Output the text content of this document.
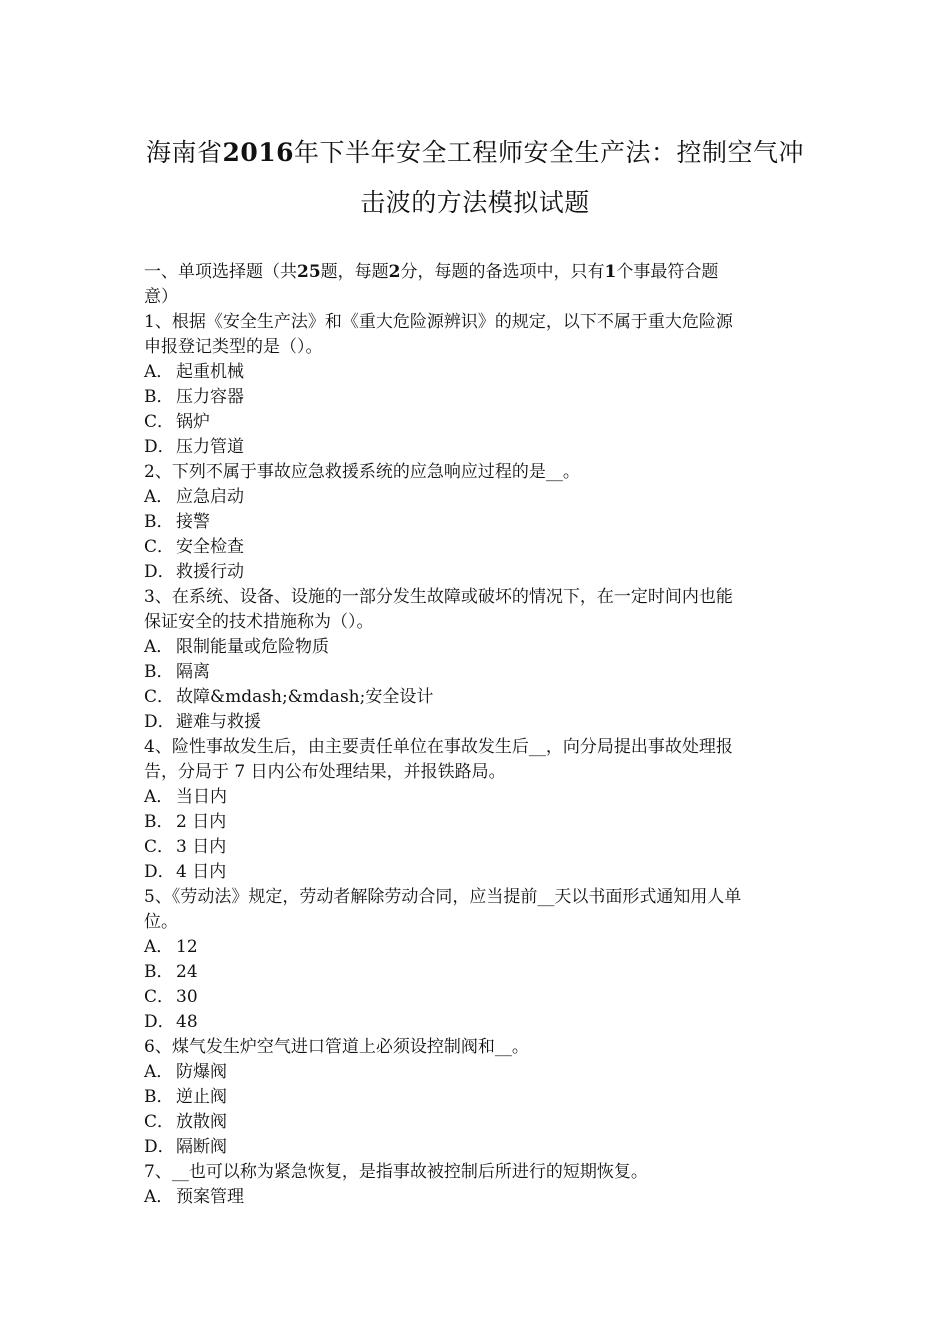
海南省2016年下半年安全工程师安全生产法：控制空气冲
击波的方法模拟试题
一、单项选择题（共25题，每题2分，每题的备选项中，只有1个事最符合题
意）
1、根据《安全生产法》和《重大危险源辨识》的规定，以下不属于重大危险源
申报登记类型的是（）。
A． 起重机械
B． 压力容器
C． 锅炉
D．压力管道
2、下列不属于事故应急救援系统的应急响应过程的是__。
A． 应急启动
B． 接警
C． 安全检查
D．救援行动
3、在系统、设备、设施的一部分发生故障或破坏的情况下，在一定时间内也能
保证安全的技术措施称为（）。
A． 限制能量或危险物质
B． 隔离
C． 故障&mdash;&mdash;安全设计
D．避难与救援
4、险性事故发生后，由主要责任单位在事故发生后__，向分局提出事故处理报
告，分局于 7 日内公布处理结果，并报铁路局。
A． 当日内
B． 2 日内
C． 3 日内
D．4 日内
5、《劳动法》规定，劳动者解除劳动合同，应当提前__天以书面形式通知用人单
位。
A． 12
B． 24
C． 30
D．48
6、煤气发生炉空气进口管道上必须设控制阀和__。
A． 防爆阀
B． 逆止阀
C． 放散阀
D．隔断阀
7、__也可以称为紧急恢复，是指事故被控制后所进行的短期恢复。
A． 预案管理
